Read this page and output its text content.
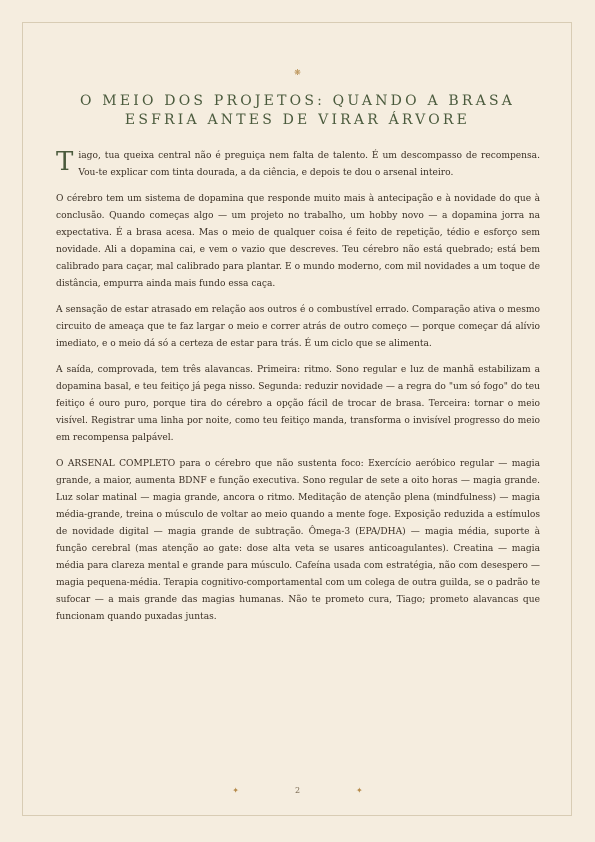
❋
O MEIO DOS PROJETOS: QUANDO A BRASA ESFRIA ANTES DE VIRAR ÁRVORE

Tiago, tua queixa central não é preguiça nem falta de talento. É um descompasso de recompensa. Vou-te explicar com tinta dourada, a da ciência, e depois te dou o arsenal inteiro.

O cérebro tem um sistema de dopamina que responde muito mais à antecipação e à novidade do que à conclusão. Quando começas algo — um projeto no trabalho, um hobby novo — a dopamina jorra na expectativa. É a brasa acesa. Mas o meio de qualquer coisa é feito de repetição, tédio e esforço sem novidade. Ali a dopamina cai, e vem o vazio que descreves. Teu cérebro não está quebrado; está bem calibrado para caçar, mal calibrado para plantar. E o mundo moderno, com mil novidades a um toque de distância, empurra ainda mais fundo essa caça.

A sensação de estar atrasado em relação aos outros é o combustível errado. Comparação ativa o mesmo circuito de ameaça que te faz largar o meio e correr atrás de outro começo — porque começar dá alívio imediato, e o meio dá só a certeza de estar para trás. É um ciclo que se alimenta.

A saída, comprovada, tem três alavancas. Primeira: ritmo. Sono regular e luz de manhã estabilizam a dopamina basal, e teu feitiço já pega nisso. Segunda: reduzir novidade — a regra do "um só fogo" do teu feitiço é ouro puro, porque tira do cérebro a opção fácil de trocar de brasa. Terceira: tornar o meio visível. Registrar uma linha por noite, como teu feitiço manda, transforma o invisível progresso do meio em recompensa palpável.

O ARSENAL COMPLETO para o cérebro que não sustenta foco: Exercício aeróbico regular — magia grande, a maior, aumenta BDNF e função executiva. Sono regular de sete a oito horas — magia grande. Luz solar matinal — magia grande, ancora o ritmo. Meditação de atenção plena (mindfulness) — magia média-grande, treina o músculo de voltar ao meio quando a mente foge. Exposição reduzida a estímulos de novidade digital — magia grande de subtração. Ômega-3 (EPA/DHA) — magia média, suporte à função cerebral (mas atenção ao gate: dose alta veta se usares anticoagulantes). Creatina — magia média para clareza mental e grande para músculo. Cafeína usada com estratégia, não com desespero — magia pequena-média. Terapia cognitivo-comportamental com um colega de outra guilda, se o padrão te sufocar — a mais grande das magias humanas. Não te prometo cura, Tiago; prometo alavancas que funcionam quando puxadas juntas.

✦	2	✦
